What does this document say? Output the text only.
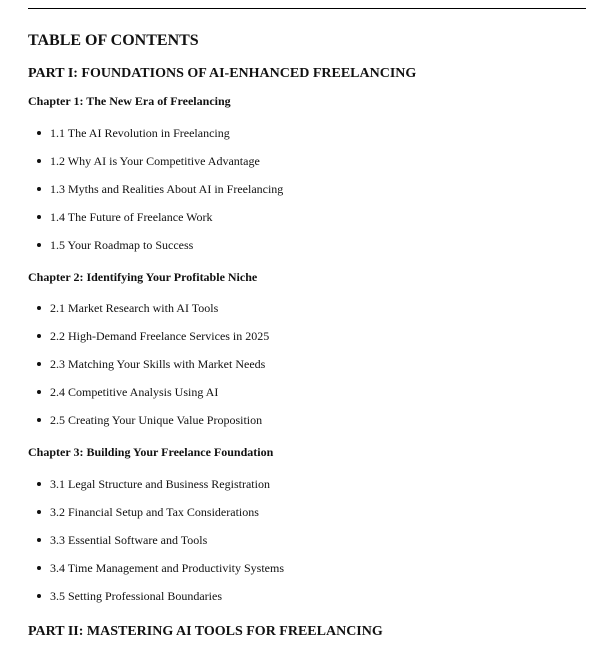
TABLE OF CONTENTS
PART I: FOUNDATIONS OF AI-ENHANCED FREELANCING
Chapter 1: The New Era of Freelancing
1.1 The AI Revolution in Freelancing
1.2 Why AI is Your Competitive Advantage
1.3 Myths and Realities About AI in Freelancing
1.4 The Future of Freelance Work
1.5 Your Roadmap to Success
Chapter 2: Identifying Your Profitable Niche
2.1 Market Research with AI Tools
2.2 High-Demand Freelance Services in 2025
2.3 Matching Your Skills with Market Needs
2.4 Competitive Analysis Using AI
2.5 Creating Your Unique Value Proposition
Chapter 3: Building Your Freelance Foundation
3.1 Legal Structure and Business Registration
3.2 Financial Setup and Tax Considerations
3.3 Essential Software and Tools
3.4 Time Management and Productivity Systems
3.5 Setting Professional Boundaries
PART II: MASTERING AI TOOLS FOR FREELANCING
